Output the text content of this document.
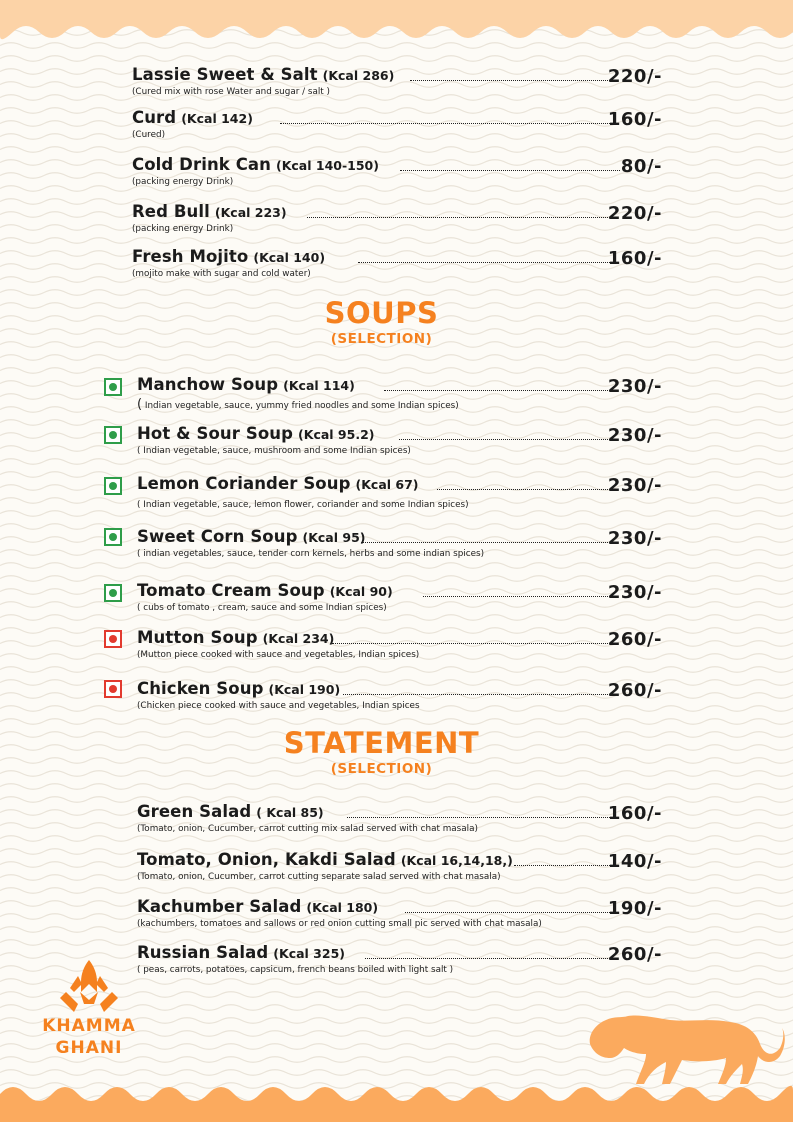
Lassie Sweet & Salt (Kcal 286)	220/-
(Cured mix with rose Water and sugar / salt )
Curd (Kcal 142)	160/-
(Cured)
Cold Drink Can (Kcal 140-150)	80/-
(packing energy Drink)
Red Bull (Kcal 223)	220/-
(packing energy Drink)
Fresh Mojito (Kcal 140)	160/-
(mojito make with sugar and cold water)
SOUPS
(SELECTION)
Manchow Soup (Kcal 114)	230/-
( Indian vegetable, sauce, yummy fried noodles and some Indian spices)
Hot & Sour Soup (Kcal 95.2)	230/-
( Indian vegetable, sauce, mushroom and some Indian spices)
Lemon Coriander Soup (Kcal 67)	230/-
( Indian vegetable, sauce, lemon flower, coriander and some Indian spices)
Sweet Corn Soup (Kcal 95)	230/-
( indian vegetables, sauce, tender corn kernels, herbs and some indian spices)
Tomato Cream Soup (Kcal 90)	230/-
( cubs of tomato , cream, sauce and some Indian spices)
Mutton Soup (Kcal 234)	260/-
(Mutton piece cooked with sauce and vegetables, Indian spices)
Chicken Soup (Kcal 190)	260/-
(Chicken piece cooked with sauce and vegetables, Indian spices
STATEMENT
(SELECTION)
Green Salad ( Kcal 85)	160/-
(Tomato, onion, Cucumber, carrot cutting mix salad served with chat masala)
Tomato, Onion, Kakdi Salad (Kcal 16,14,18,)	140/-
(Tomato, onion, Cucumber, carrot cutting separate salad served with chat masala)
Kachumber Salad (Kcal 180)	190/-
(kachumbers, tomatoes and sallows or red onion cutting small pic served with chat masala)
Russian Salad (Kcal 325)	260/-
( peas, carrots, potatoes, capsicum, french beans boiled with light salt )
KHAMMA
GHANI
